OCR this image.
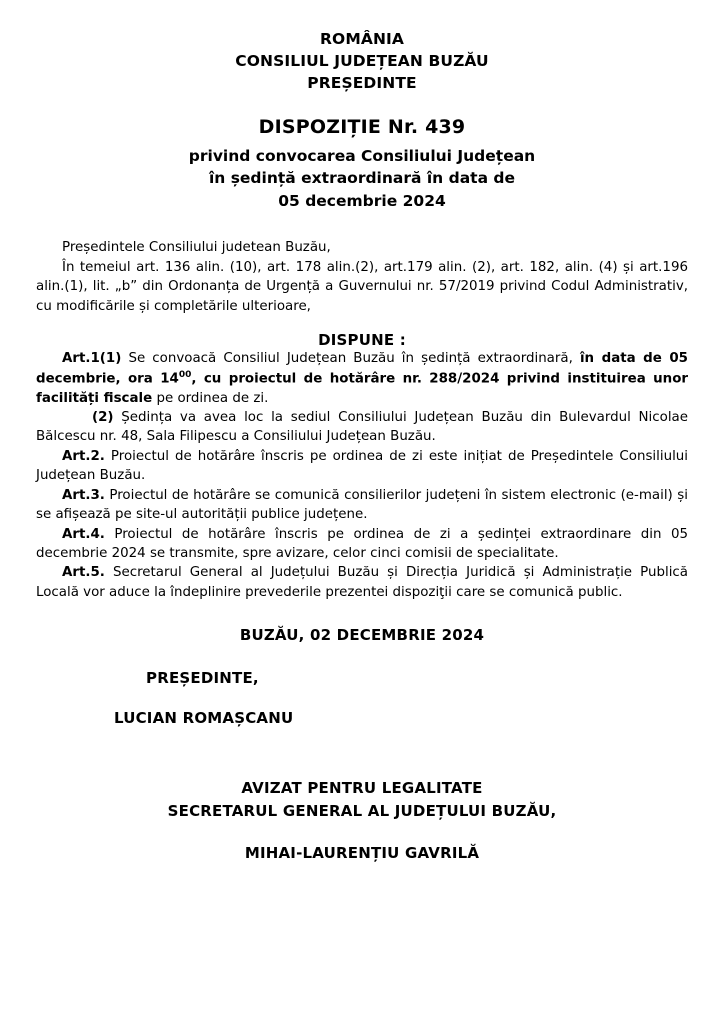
ROMÂNIA
CONSILIUL JUDEȚEAN BUZĂU
PREȘEDINTE
DISPOZIȚIE Nr. 439
privind convocarea Consiliului Județean
în ședință extraordinară în data de
05 decembrie 2024

Președintele Consiliului judetean Buzău,

În temeiul art. 136 alin. (10), art. 178 alin.(2), art.179 alin. (2), art. 182, alin. (4) și art.196 alin.(1), lit. „b” din Ordonanța de Urgență a Guvernului nr. 57/2019 privind Codul Administrativ, cu modificările și completările ulterioare,

DISPUNE :

Art.1(1) Se convoacă Consiliul Județean Buzău în ședință extraordinară, în data de 05 decembrie, ora $14^{00}$, cu proiectul de hotărâre nr. 288/2024 privind instituirea unor facilități fiscale pe ordinea de zi.

(2) Ședința va avea loc la sediul Consiliului Județean Buzău din Bulevardul Nicolae Bălcescu nr. 48, Sala Filipescu a Consiliului Județean Buzău.

Art.2. Proiectul de hotărâre înscris pe ordinea de zi este inițiat de Președintele Consiliului Județean Buzău.

Art.3. Proiectul de hotărâre se comunică consilierilor județeni în sistem electronic (e-mail) și se afișează pe site-ul autorității publice județene.

Art.4. Proiectul de hotărâre înscris pe ordinea de zi a ședinței extraordinare din 05 decembrie 2024 se transmite, spre avizare, celor cinci comisii de specialitate.

Art.5. Secretarul General al Județului Buzău și Direcția Juridică și Administrație Publică Locală vor aduce la îndeplinire prevederile prezentei dispoziţii care se comunică public.

BUZĂU, 02 DECEMBRIE 2024
PREȘEDINTE,
LUCIAN ROMAȘCANU
AVIZAT PENTRU LEGALITATE
SECRETARUL GENERAL AL JUDEȚULUI BUZĂU,
MIHAI-LAURENȚIU GAVRILĂ
